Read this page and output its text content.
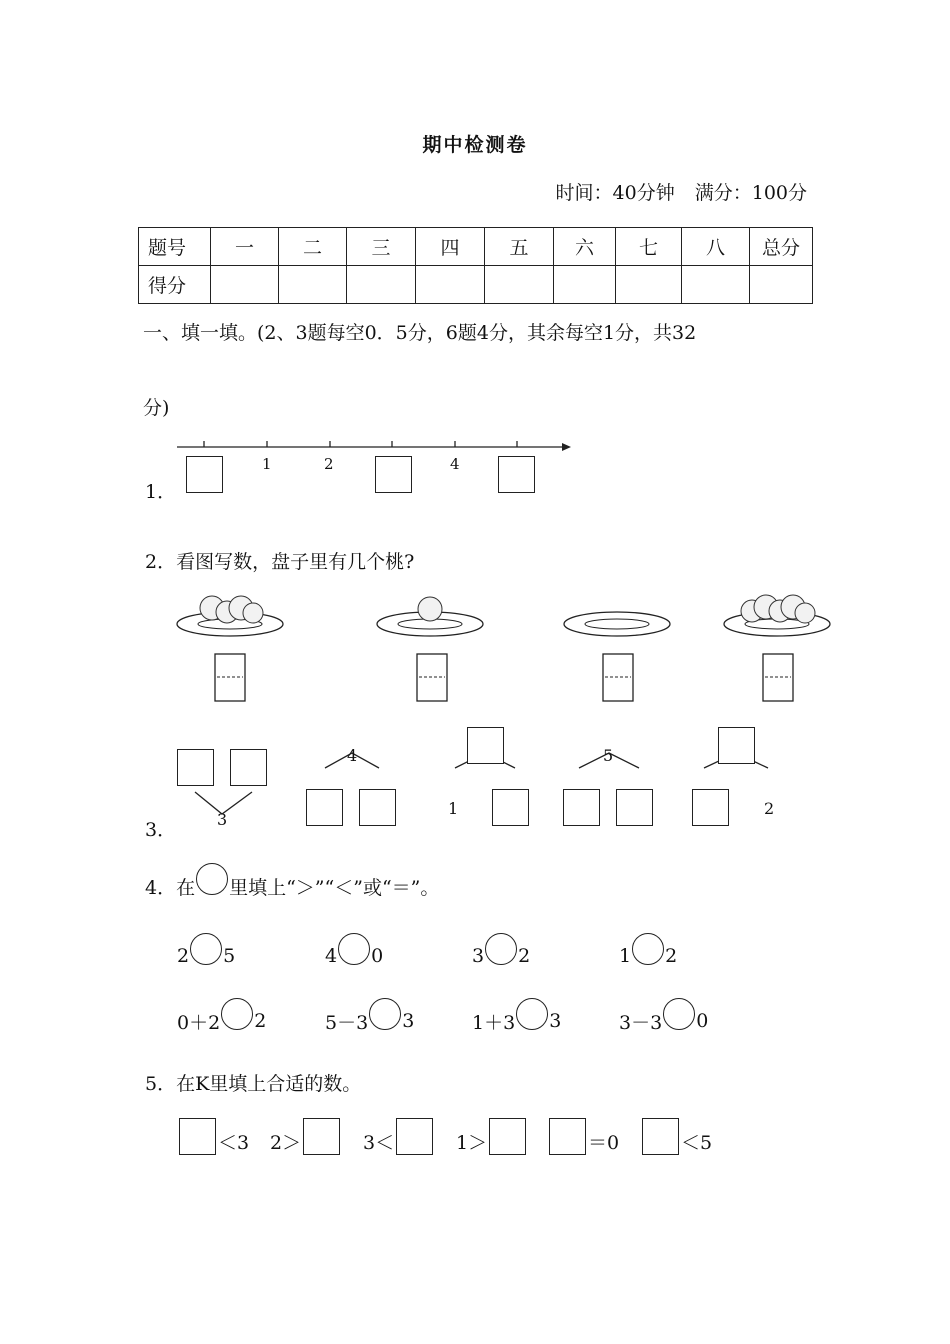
期中检测卷
时间：40分钟 满分：100分
题号	一	二	三	四	五	六	七	八	总分
得分									
一、填一填。(2、3题每空0．5分，6题4分，其余每空1分，共32
分)
1．
1	2	4
2．看图写数，盘子里有几个桃?
3．	3
4
1
5
2
4．在 里填上“＞”“＜”或“＝”。
2 5	4 0	3 2	1 2
0＋2 2	5－3 3	1＋3 3	3－3 0
5．在K里填上合适的数。
＜3 2＞	3＜	1＞	＝0	＜5
